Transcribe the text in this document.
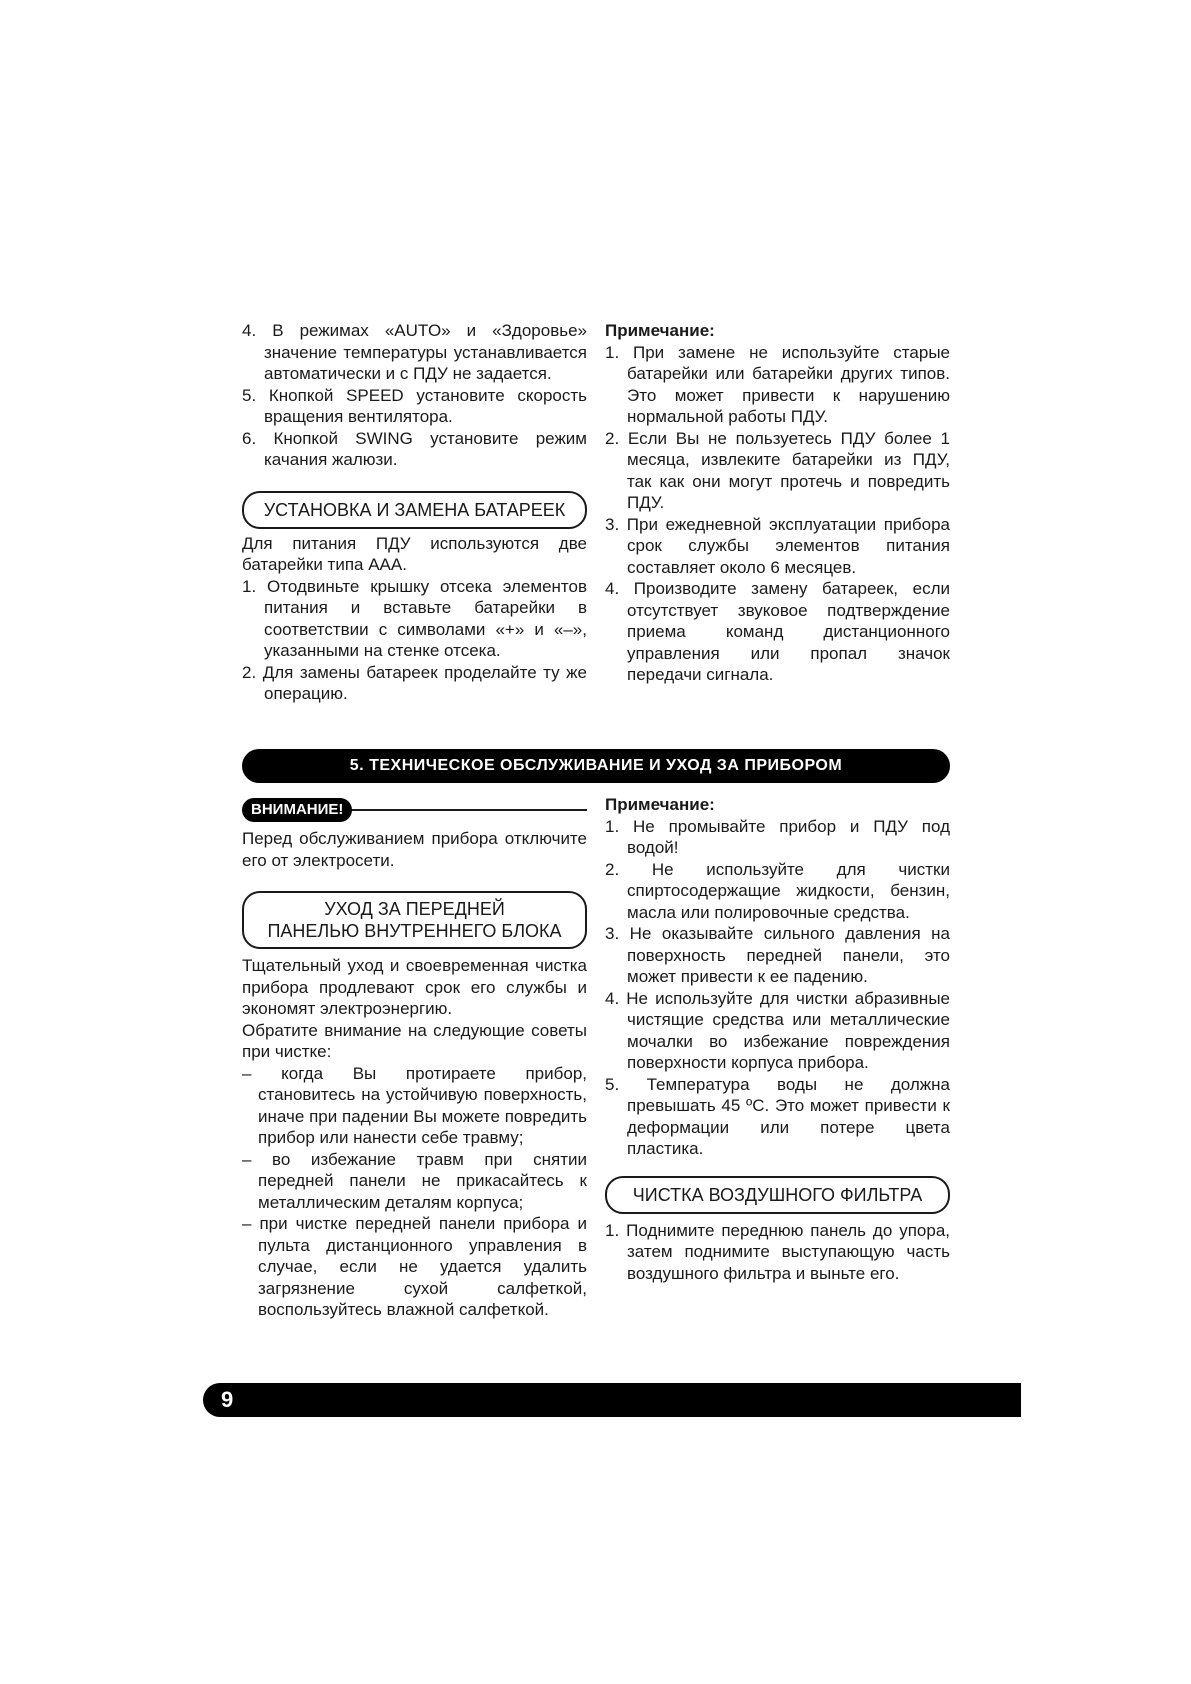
4. В режимах «AUTO» и «Здоровье» значение температуры устанавливается автоматически и с ПДУ не задается.

5. Кнопкой SPEED установите скорость вращения вентилятора.

6. Кнопкой SWING установите режим качания жалюзи.

УСТАНОВКА И ЗАМЕНА БАТАРЕЕК

Для питания ПДУ используются две батарейки типа ААА.

1. Отодвиньте крышку отсека элементов питания и вставьте батарейки в соответствии с символами «+» и «–», указанными на стенке отсека.

2. Для замены батареек проделайте ту же операцию.

Примечание:

1. При замене не используйте старые батарейки или батарейки других типов. Это может привести к нарушению нормальной работы ПДУ.

2. Если Вы не пользуетесь ПДУ более 1 месяца, извлеките батарейки из ПДУ, так как они могут протечь и повредить ПДУ.

3. При ежедневной эксплуатации прибора срок службы элементов питания составляет около 6 месяцев.

4. Производите замену батареек, если отсутствует звуковое подтверждение приема команд дистанционного управления или пропал значок передачи сигнала.

5. ТЕХНИЧЕСКОЕ ОБСЛУЖИВАНИЕ И УХОД ЗА ПРИБОРОМ
ВНИМАНИЕ!

Перед обслуживанием прибора отключите его от электросети.

УХОД ЗА ПЕРЕДНЕЙ
ПАНЕЛЬЮ ВНУТРЕННЕГО БЛОКА

Тщательный уход и своевременная чистка прибора продлевают срок его службы и экономят электроэнергию.

Обратите внимание на следующие советы при чистке:

– когда Вы протираете прибор, становитесь на устойчивую поверхность, иначе при падении Вы можете повредить прибор или нанести себе травму;

– во избежание травм при снятии передней панели не прикасайтесь к металлическим деталям корпуса;

– при чистке передней панели прибора и пульта дистанционного управления в случае, если не удается удалить загрязнение сухой салфеткой, воспользуйтесь влажной салфеткой.

Примечание:

1. Не промывайте прибор и ПДУ под водой!

2. Не используйте для чистки спиртосодержащие жидкости, бензин, масла или полировочные средства.

3. Не оказывайте сильного давления на поверхность передней панели, это может привести к ее падению.

4. Не используйте для чистки абразивные чистящие средства или металлические мочалки во избежание повреждения поверхности корпуса прибора.

5. Температура воды не должна превышать 45 ºС. Это может привести к деформации или потере цвета пластика.

ЧИСТКА ВОЗДУШНОГО ФИЛЬТРА

1. Поднимите переднюю панель до упора, затем поднимите выступающую часть воздушного фильтра и выньте его.

9
